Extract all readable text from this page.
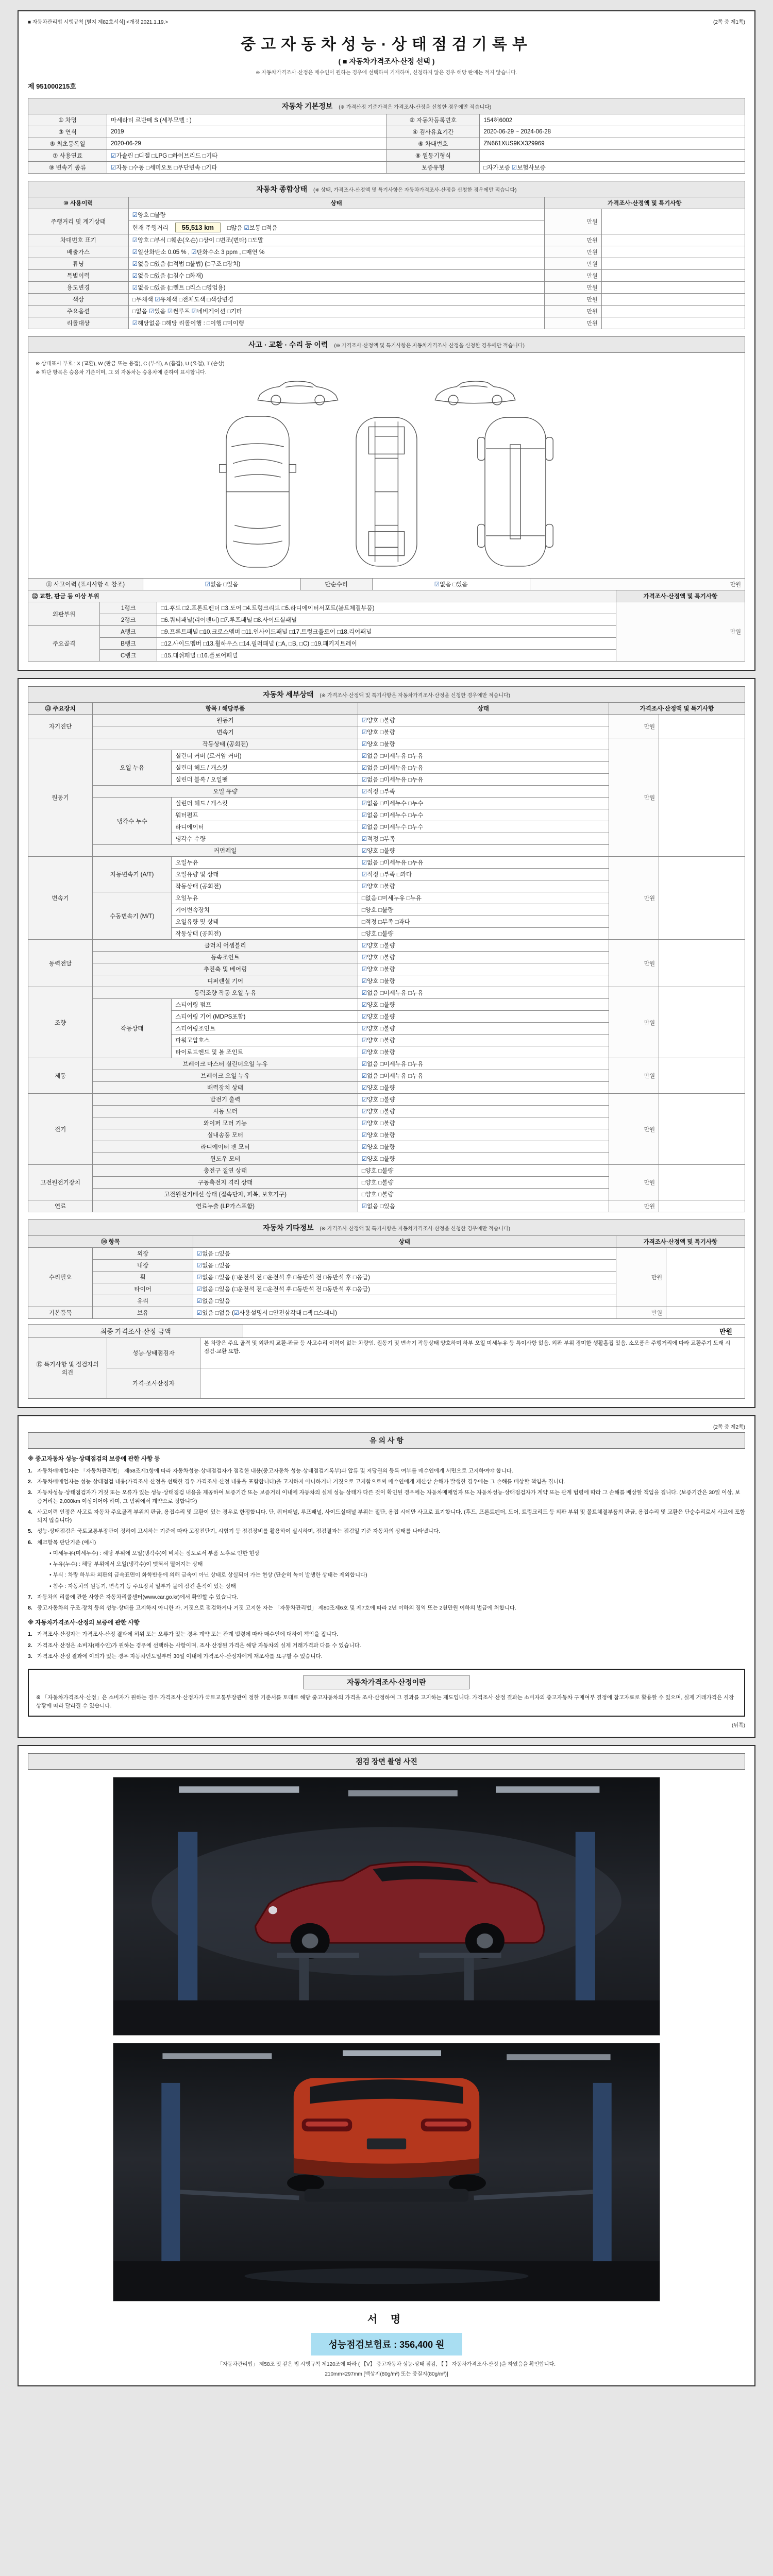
■ 자동차관리법 시행규칙 [별지 제82호서식] <개정 2021.1.19.>	(2쪽 중 제1쪽)
중고자동차성능·상태점검기록부
( ■ 자동차가격조사·산정 선택 )
※ 자동차가격조사·산정은 매수인이 원하는 경우에 선택하여 기재하며, 신청하지 않은 경우 해당 란에는 적지 않습니다.
제 951000215호
자동차 기본정보 (※ 가격산정 기준가격은 가격조사·산정을 신청한 경우에만 적습니다)
① 차명	마세라티 르반떼 S (세부모델 : )	② 자동차등록번호	154허6002
③ 연식	2019	④ 검사유효기간	2020-06-29 ~ 2024-06-28
⑤ 최초등록일	2020-06-29	⑥ 차대번호	ZN661XUS9KX329969
⑦ 사용연료	☑가솔린 □디젤 □LPG □하이브리드 □기타	⑧ 원동기형식	
⑨ 변속기 종류	☑자동 □수동 □세미오토 □무단변속 □기타	보증유형	□자가보증 ☑보험사보증
자동차 종합상태 (※ 상태, 가격조사·산정액 및 특기사항은 자동차가격조사·산정을 신청한 경우에만 적습니다)
⑩ 사용이력	상태	가격조사·산정액 및 특기사항	
주행거리 및 계기상태	☑양호 □불량	만원	
	현재 주행거리 55,513 km □많음 ☑보통 □적음		
차대번호 표기	☑양호 □부식 □훼손(오손) □상이 □변조(변타) □도말	만원	
배출가스	☑일산화탄소 0.05 % , ☑탄화수소 3 ppm , □매연 %	만원	
튜닝	☑없음 □있음 (□적법 □불법) (□구조 □장치)	만원	
특별이력	☑없음 □있음 (□침수 □화재)	만원	
용도변경	☑없음 □있음 (□렌트 □리스 □영업용)	만원	
색상	□무채색 ☑유채색 □전체도색 □색상변경	만원	
주요옵션	□없음 ☑있음 ☑썬루프 ☑네비게이션 □기타	만원	
리콜대상	☑해당없음 □해당 리콜이행 : □이행 □미이행	만원	
사고 · 교환 · 수리 등 이력 (※ 가격조사·산정액 및 특기사항은 자동차가격조사·산정을 신청한 경우에만 적습니다)
※ 상태표시 부호 : X (교환), W (판금 또는 용접), C (부식), A (흠집), U (요철), T (손상)
※ 하단 항목은 승용차 기준이며, 그 외 자동차는 승용차에 준하여 표시합니다.
⑪ 사고이력 (표시사항 4. 참조)	☑없음 □있음	단순수리	☑없음 □있음	만원
⑫ 교환, 판금 등 이상 부위			가격조사·산정액 및 특기사항
외판부위	1랭크	□1.후드 □2.프론트펜더 □3.도어 □4.트렁크리드 □5.라디에이터서포트(볼트체결부품)	만원
	2랭크	□6.쿼터패널(리어펜더) □7.루프패널 □8.사이드실패널	
주요골격	A랭크	□9.프론트패널 □10.크로스멤버 □11.인사이드패널 □17.트렁크플로어 □18.리어패널	
	B랭크	□12.사이드멤버 □13.휠하우스 □14.필러패널 (□A, □B, □C) □19.패키지트레이	
	C랭크	□15.대쉬패널 □16.플로어패널	
자동차 세부상태 (※ 가격조사·산정액 및 특기사항은 자동차가격조사·산정을 신청한 경우에만 적습니다)
⑬ 주요장치	항목 / 해당부품		상태	가격조사·산정액 및 특기사항	
자기진단	원동기		☑양호 □불량	만원	
	변속기		☑양호 □불량		
원동기	작동상태 (공회전)		☑양호 □불량	만원	
	오일 누유	실린더 커버 (로커암 커버)	☑없음 □미세누유 □누유		
		실린더 헤드 / 개스킷	☑없음 □미세누유 □누유		
		실린더 블록 / 오일팬	☑없음 □미세누유 □누유		
	오일 유량		☑적정 □부족		
	냉각수 누수	실린더 헤드 / 개스킷	☑없음 □미세누수 □누수		
		워터펌프	☑없음 □미세누수 □누수		
		라디에이터	☑없음 □미세누수 □누수		
		냉각수 수량	☑적정 □부족		
	커먼레일		☑양호 □불량		
변속기	자동변속기 (A/T)	오일누유	☑없음 □미세누유 □누유	만원	
		오일유량 및 상태	☑적정 □부족 □과다		
		작동상태 (공회전)	☑양호 □불량		
	수동변속기 (M/T)	오일누유	□없음 □미세누유 □누유		
		기어변속장치	□양호 □불량		
		오일유량 및 상태	□적정 □부족 □과다		
		작동상태 (공회전)	□양호 □불량		
동력전달	클러치 어셈블리		☑양호 □불량	만원	
	등속조인트		☑양호 □불량		
	추진축 및 베어링		☑양호 □불량		
	디퍼렌셜 기어		☑양호 □불량		
조향	동력조향 작동 오일 누유		☑없음 □미세누유 □누유	만원	
	작동상태	스티어링 펌프	☑양호 □불량		
		스티어링 기어 (MDPS포함)	☑양호 □불량		
		스티어링조인트	☑양호 □불량		
		파워고압호스	☑양호 □불량		
		타이로드엔드 및 볼 조인트	☑양호 □불량		
제동	브레이크 마스터 실린더오일 누유		☑없음 □미세누유 □누유	만원	
	브레이크 오일 누유		☑없음 □미세누유 □누유		
	배력장치 상태		☑양호 □불량		
전기	발전기 출력		☑양호 □불량	만원	
	시동 모터		☑양호 □불량		
	와이퍼 모터 기능		☑양호 □불량		
	실내송풍 모터		☑양호 □불량		
	라디에이터 팬 모터		☑양호 □불량		
	윈도우 모터		☑양호 □불량		
고전원전기장치	충전구 절연 상태		□양호 □불량	만원	
	구동축전지 격리 상태		□양호 □불량		
	고전원전기배선 상태 (접속단자, 피복, 보호기구)		□양호 □불량		
연료	연료누출 (LP가스포함)		☑없음 □있음	만원	
자동차 기타정보 (※ 가격조사·산정액 및 특기사항은 자동차가격조사·산정을 신청한 경우에만 적습니다)
⑭ 항목		상태	가격조사·산정액 및 특기사항	
수리필요	외장	☑없음 □있음	만원	
	내장	☑없음 □있음		
	휠	☑없음 □있음 (□운전석 전 □운전석 후 □동반석 전 □동반석 후 □응급)		
	타이어	☑없음 □있음 (□운전석 전 □운전석 후 □동반석 전 □동반석 후 □응급)		
	유리	☑없음 □있음		
기본품목	보유	☑있음 □없음 (☑사용설명서 □안전삼각대 □잭 □스패너)	만원	
최종 가격조사·산정 금액	만원
⑮ 특기사항 및 점검자의 의견	성능·상태점검자	본 차량은 주요 골격 및 외판의 교환·판금 등 사고수리 이력이 없는 차량임. 원동기 및 변속기 작동상태 양호하며 하부 오일 미세누유 등 특이사항 없음. 외판 부위 경미한 생활흠집 있음. 소모품은 주행거리에 따라 교환주기 도래 시 점검·교환 요함.
	가격·조사산정자	
(2쪽 중 제2쪽)
유 의 사 항
※ 중고자동차 성능·상태점검의 보증에 관한 사항 등
1. 자동차매매업자는 「자동차관리법」 제58조제1항에 따라 자동차성능·상태점검자가 점검한 내용(중고자동차 성능·상태점검기록부)과 압류 및 저당권의 등록 여부를 매수인에게 서면으로 고지하여야 합니다.
2. 자동차매매업자는 성능·상태점검 내용(가격조사·산정을 선택한 경우 가격조사·산정 내용을 포함합니다)을 고지하지 아니하거나 거짓으로 고지함으로써 매수인에게 재산상 손해가 발생한 경우에는 그 손해를 배상할 책임을 집니다.
3. 자동차성능·상태점검자가 거짓 또는 오류가 있는 성능·상태점검 내용을 제공하여 보증기간 또는 보증거리 이내에 자동차의 실제 성능·상태가 다른 것이 확인된 경우에는 자동차매매업자 또는 자동차성능·상태점검자가 계약 또는 관계 법령에 따라 그 손해를 배상할 책임을 집니다. (보증기간은 30일 이상, 보증거리는 2,000km 이상이어야 하며, 그 범위에서 계약으로 정합니다)
4. 사고이력 인정은 사고로 자동차 주요골격 부위의 판금, 용접수리 및 교환이 있는 경우로 한정합니다. 단, 쿼터패널, 루프패널, 사이드실패널 부위는 절단, 용접 시에만 사고로 표기합니다. (후드, 프론트펜더, 도어, 트렁크리드 등 외판 부위 및 볼트체결부품의 판금, 용접수리 및 교환은 단순수리로서 사고에 포함되지 않습니다)
5. 성능·상태점검은 국토교통부장관이 정하여 고시하는 기준에 따라 고장진단기, 시험기 등 점검장비를 활용하여 실시하며, 점검결과는 점검일 기준 자동차의 상태를 나타냅니다.
6. 체크항목 판단기준 (예시)
• 미세누유(미세누수) : 해당 부위에 오일(냉각수)이 비치는 정도로서 부품 노후로 인한 현상
• 누유(누수) : 해당 부위에서 오일(냉각수)이 맺혀서 떨어지는 상태
• 부식 : 차량 하부와 외판의 금속표면이 화학반응에 의해 금속이 아닌 상태로 상실되어 가는 현상 (단순히 녹이 발생한 상태는 제외합니다)
• 침수 : 자동차의 원동기, 변속기 등 주요장치 일부가 물에 잠긴 흔적이 있는 상태
7. 자동차의 리콜에 관한 사항은 자동차리콜센터(www.car.go.kr)에서 확인할 수 있습니다.
8. 중고자동차의 구조·장치 등의 성능·상태를 고지하지 아니한 자, 거짓으로 점검하거나 거짓 고지한 자는 「자동차관리법」 제80조제6호 및 제7호에 따라 2년 이하의 징역 또는 2천만원 이하의 벌금에 처합니다.
※ 자동차가격조사·산정의 보증에 관한 사항
1. 가격조사·산정자는 가격조사·산정 결과에 허위 또는 오류가 있는 경우 계약 또는 관계 법령에 따라 매수인에 대하여 책임을 집니다.
2. 가격조사·산정은 소비자(매수인)가 원하는 경우에 선택하는 사항이며, 조사·산정된 가격은 해당 자동차의 실제 거래가격과 다를 수 있습니다.
3. 가격조사·산정 결과에 이의가 있는 경우 자동차인도일부터 30일 이내에 가격조사·산정자에게 재조사를 요구할 수 있습니다.
자동차가격조사·산정이란
※ 「자동차가격조사·산정」은 소비자가 원하는 경우 가격조사·산정자가 국토교통부장관이 정한 기준서를 토대로 해당 중고자동차의 가격을 조사·산정하여 그 결과를 고지하는 제도입니다. 가격조사·산정 결과는 소비자의 중고자동차 구매여부 결정에 참고자료로 활용할 수 있으며, 실제 거래가격은 시장 상황에 따라 달라질 수 있습니다.
(뒤쪽)
점검 장면 촬영 사진
서 명
성능점검보험료 : 356,400 원
「자동차관리법」 제58조 및 같은 법 시행규칙 제120조에 따라 ( 【V】 중고자동차 성능·상태 점검, 【 】 자동차가격조사·산정 )을 하였음을 확인합니다.
210mm×297mm [백상지(80g/m²) 또는 중질지(80g/m²)]
